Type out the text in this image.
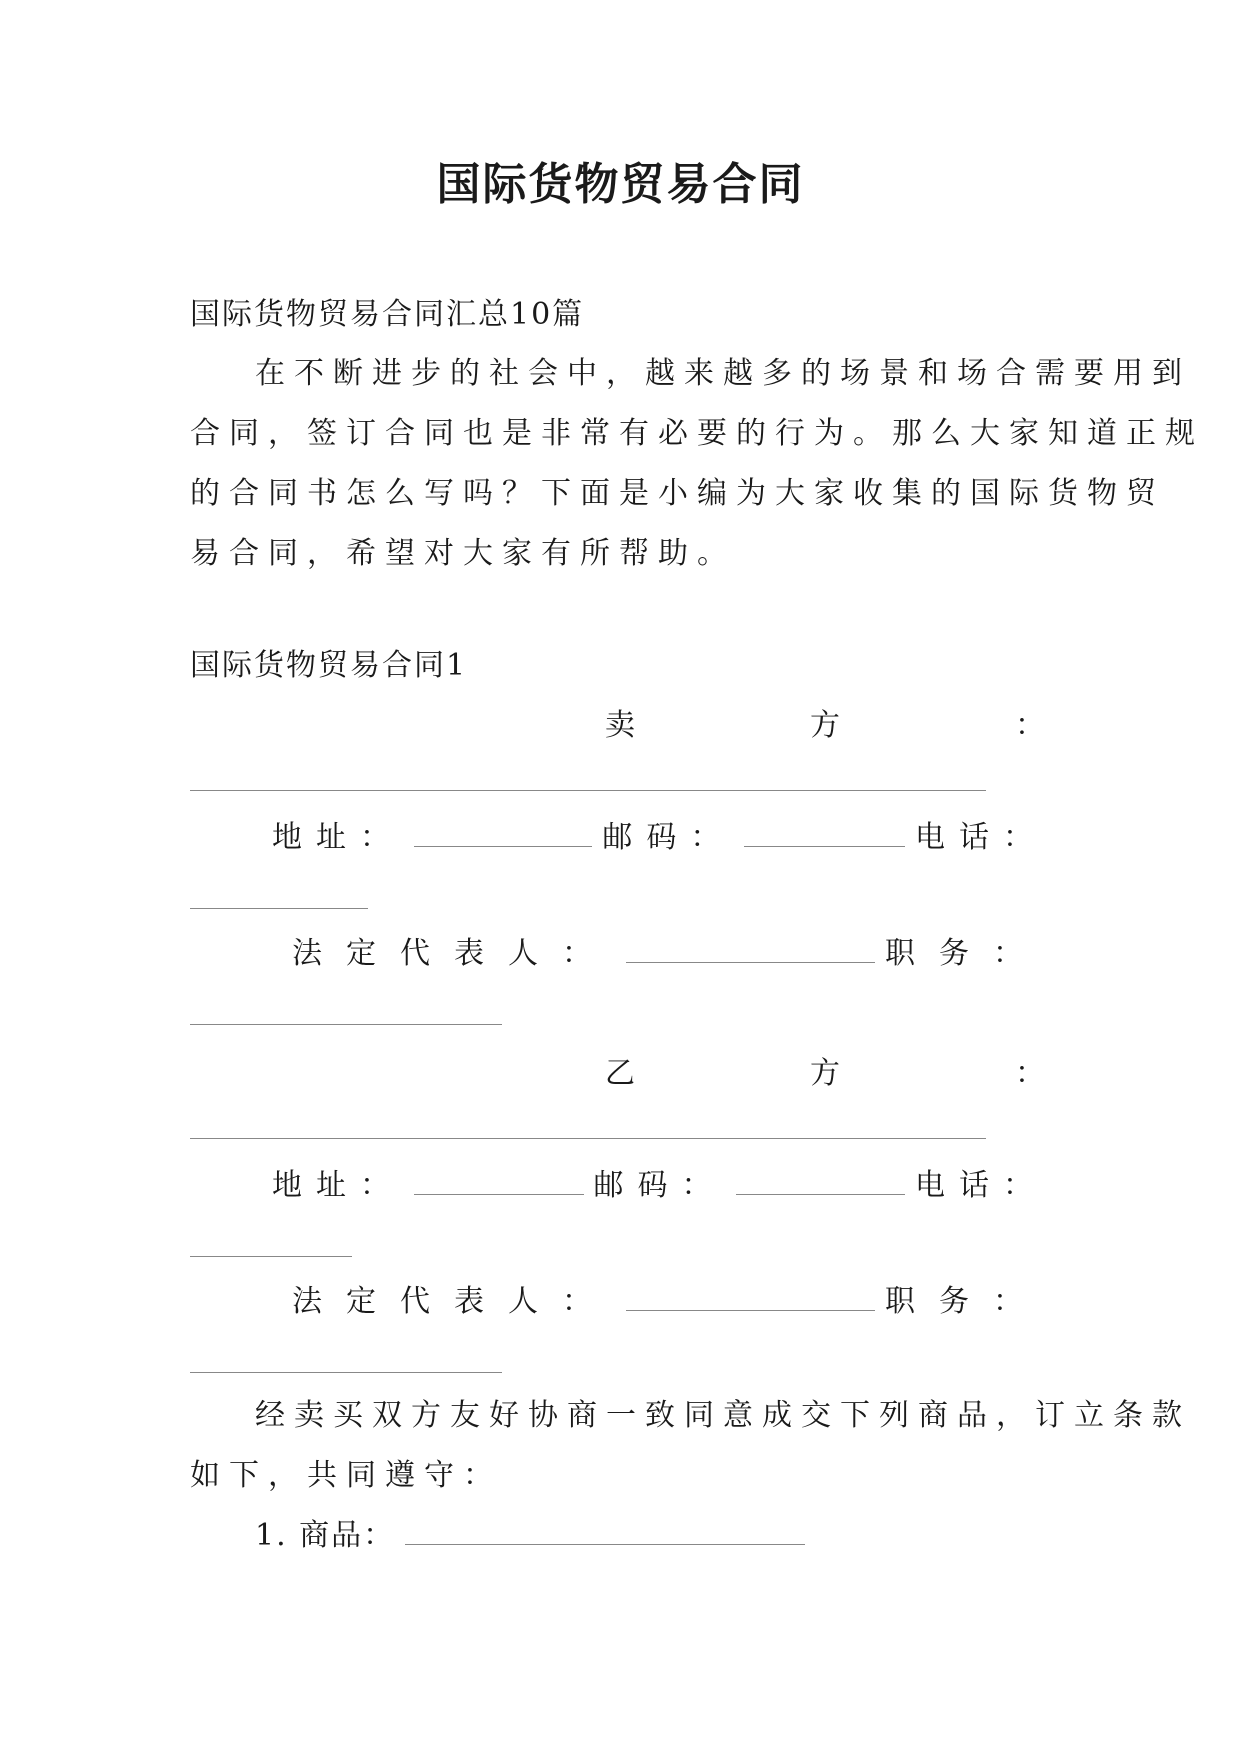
国际货物贸易合同
国际货物贸易合同汇总10篇
在不断进步的社会中，越来越多的场景和场合需要用到
合同，签订合同也是非常有必要的行为。那么大家知道正规
的合同书怎么写吗？下面是小编为大家收集的国际货物贸
易合同，希望对大家有所帮助。
国际货物贸易合同1
卖	方	：
地址：	邮码：	电话：
法定代表人：	职务：
乙	方	：
地址：	邮码：	电话：
法定代表人：	职务：
经卖买双方友好协商一致同意成交下列商品，订立条款
如下，共同遵守：
1. 商品：
